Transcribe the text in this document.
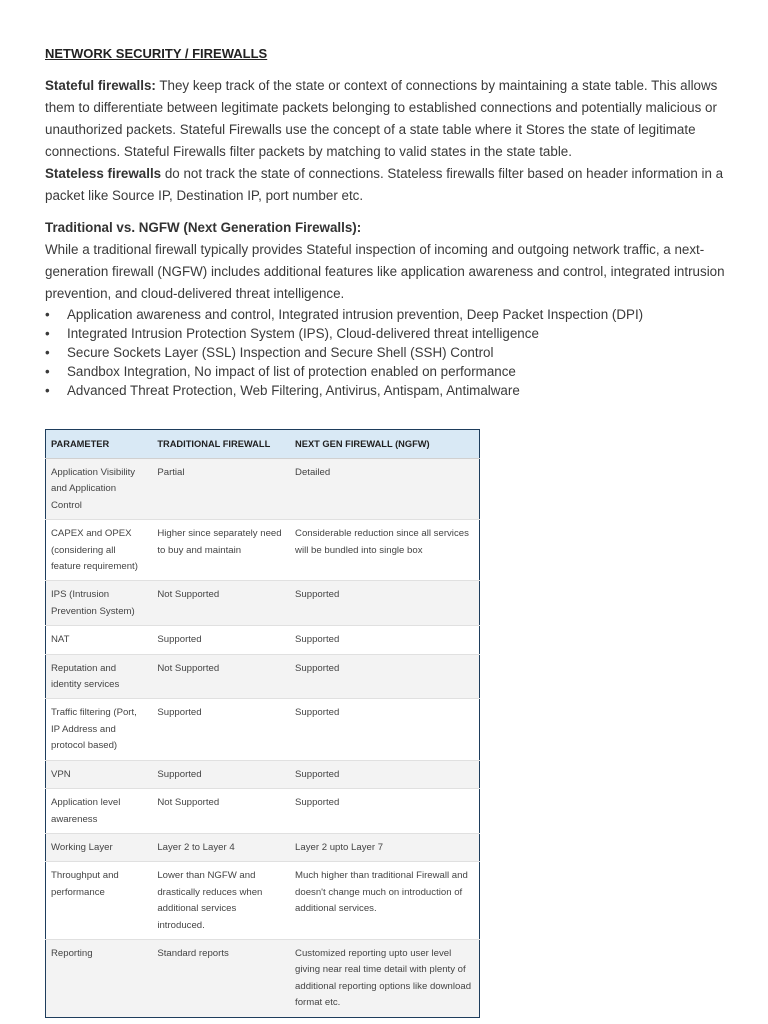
NETWORK SECURITY / FIREWALLS

Stateful firewalls: They keep track of the state or context of connections by maintaining a state table. This allows them to differentiate between legitimate packets belonging to established connections and potentially malicious or unauthorized packets. Stateful Firewalls use the concept of a state table where it Stores the state of legitimate connections. Stateful Firewalls filter packets by matching to valid states in the state table.
Stateless firewalls do not track the state of connections. Stateless firewalls filter based on header information in a packet like Source IP, Destination IP, port number etc.

Traditional vs. NGFW (Next Generation Firewalls):

While a traditional firewall typically provides Stateful inspection of incoming and outgoing network traffic, a next-generation firewall (NGFW) includes additional features like application awareness and control, integrated intrusion prevention, and cloud-delivered threat intelligence.

• Application awareness and control, Integrated intrusion prevention, Deep Packet Inspection (DPI)
• Integrated Intrusion Protection System (IPS), Cloud-delivered threat intelligence
• Secure Sockets Layer (SSL) Inspection and Secure Shell (SSH) Control
• Sandbox Integration, No impact of list of protection enabled on performance
• Advanced Threat Protection, Web Filtering, Antivirus, Antispam, Antimalware
PARAMETER	TRADITIONAL FIREWALL	NEXT GEN FIREWALL (NGFW)
Application Visibility and Application Control	Partial	Detailed
CAPEX and OPEX (considering all feature requirement)	Higher since separately need to buy and maintain	Considerable reduction since all services will be bundled into single box
IPS (Intrusion Prevention System)	Not Supported	Supported
NAT	Supported	Supported
Reputation and identity services	Not Supported	Supported
Traffic filtering (Port, IP Address and protocol based)	Supported	Supported
VPN	Supported	Supported
Application level awareness	Not Supported	Supported
Working Layer	Layer 2 to Layer 4	Layer 2 upto Layer 7
Throughput and performance	Lower than NGFW and drastically reduces when additional services introduced.	Much higher than traditional Firewall and doesn't change much on introduction of additional services.
Reporting	Standard reports	Customized reporting upto user level giving near real time detail with plenty of additional reporting options like download format etc.
